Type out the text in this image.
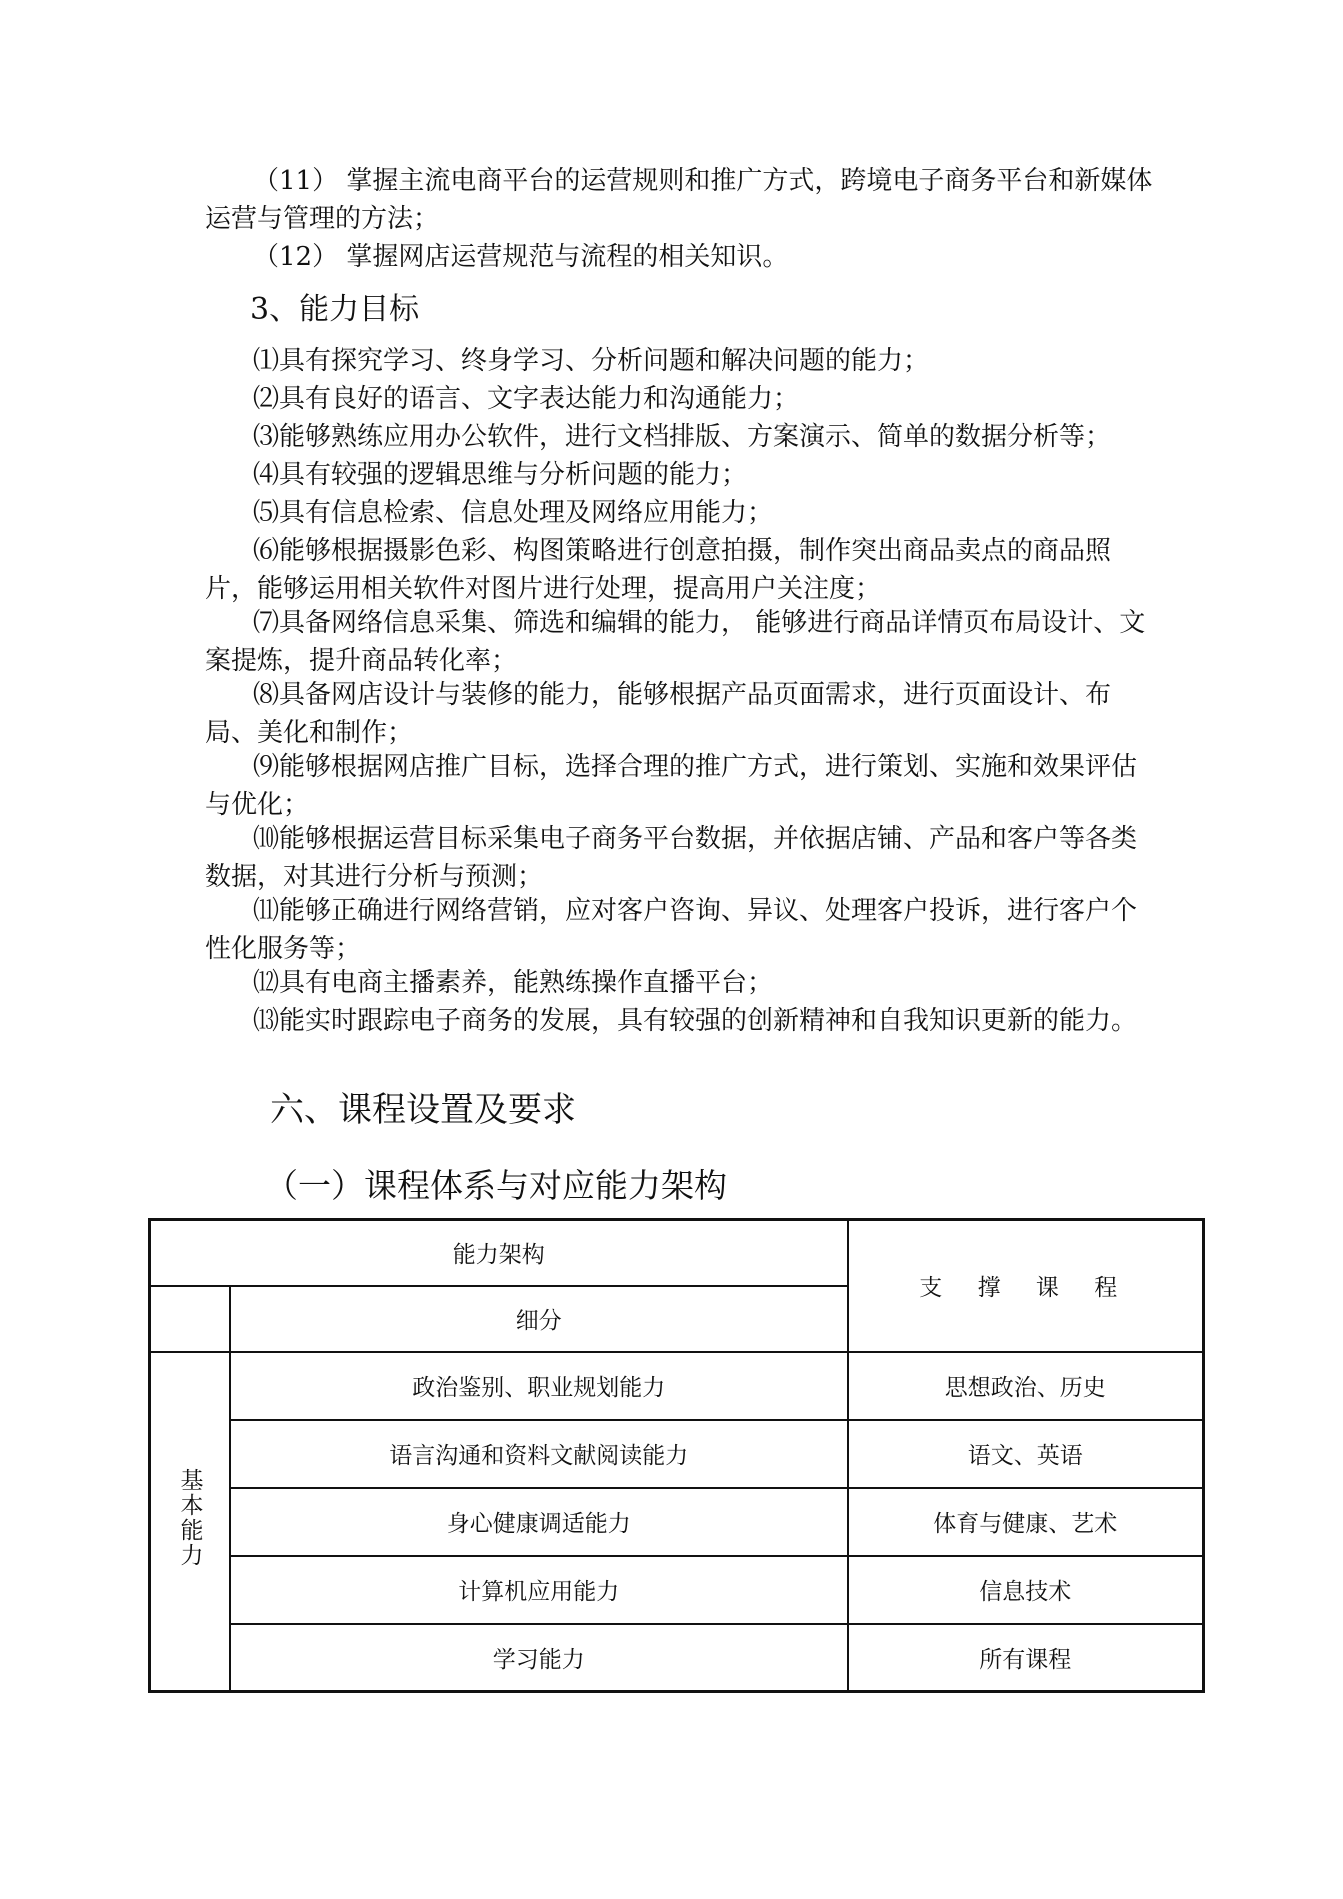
（11） 掌握主流电商平台的运营规则和推广方式，跨境电子商务平台和新媒体运营与管理的方法；

（12） 掌握网店运营规范与流程的相关知识。

3、能力目标

⑴具有探究学习、终身学习、分析问题和解决问题的能力；

⑵具有良好的语言、文字表达能力和沟通能力；

⑶能够熟练应用办公软件，进行文档排版、方案演示、简单的数据分析等；

⑷具有较强的逻辑思维与分析问题的能力；

⑸具有信息检索、信息处理及网络应用能力；

⑹能够根据摄影色彩、构图策略进行创意拍摄，制作突出商品卖点的商品照片，能够运用相关软件对图片进行处理，提高用户关注度；

⑺具备网络信息采集、筛选和编辑的能力， 能够进行商品详情页布局设计、文案提炼，提升商品转化率；

⑻具备网店设计与装修的能力，能够根据产品页面需求，进行页面设计、布局、美化和制作；

⑼能够根据网店推广目标，选择合理的推广方式，进行策划、实施和效果评估与优化；

⑽能够根据运营目标采集电子商务平台数据，并依据店铺、产品和客户等各类数据，对其进行分析与预测；

⑾能够正确进行网络营销，应对客户咨询、异议、处理客户投诉，进行客户个性化服务等；

⑿具有电商主播素养，能熟练操作直播平台；

⒀能实时跟踪电子商务的发展，具有较强的创新精神和自我知识更新的能力。

六、课程设置及要求
（一）课程体系与对应能力架构
能力架构		支 撑 课 程
	细分	
基本能力	政治鉴别、职业规划能力	思想政治、历史
	语言沟通和资料文献阅读能力	语文、英语
	身心健康调适能力	体育与健康、艺术
	计算机应用能力	信息技术
	学习能力	所有课程
